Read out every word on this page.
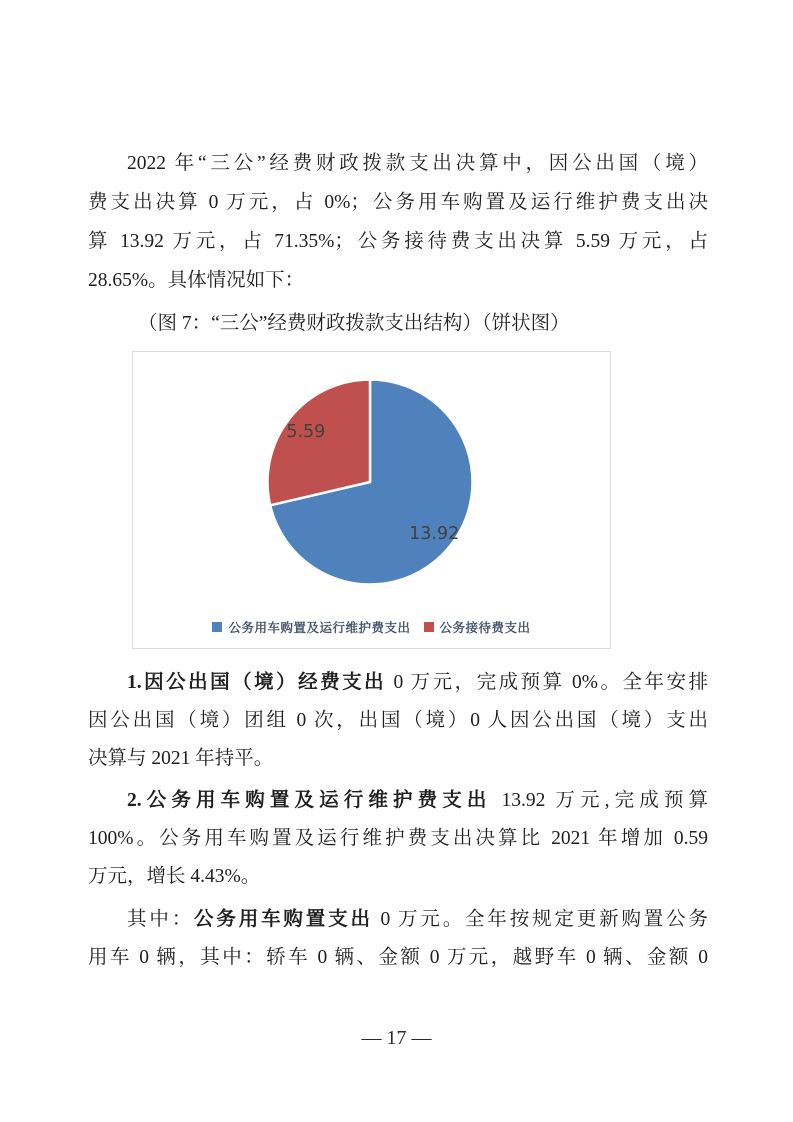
2022 年“三公”经费财政拨款支出决算中，因公出国（境）
费支出决算 0 万元，占 0%；公务用车购置及运行维护费支出决
算 13.92 万元，占 71.35%；公务接待费支出决算 5.59 万元，占
28.65%。具体情况如下：
（图 7：“三公”经费财政拨款支出结构）（饼状图）
13.92
5.59
公务用车购置及运行维护费支出 公务接待费支出
1.因公出国（境）经费支出 0 万元，完成预算 0%。全年安排
因公出国（境）团组 0 次，出国（境）0 人因公出国（境）支出
决算与 2021 年持平。
2.公务用车购置及运行维护费支出 13.92 万元,完成预算
100%。公务用车购置及运行维护费支出决算比 2021 年增加 0.59
万元，增长 4.43%。
其中：公务用车购置支出 0 万元。全年按规定更新购置公务
用车 0 辆，其中：轿车 0 辆、金额 0 万元，越野车 0 辆、金额 0
— 17 —
